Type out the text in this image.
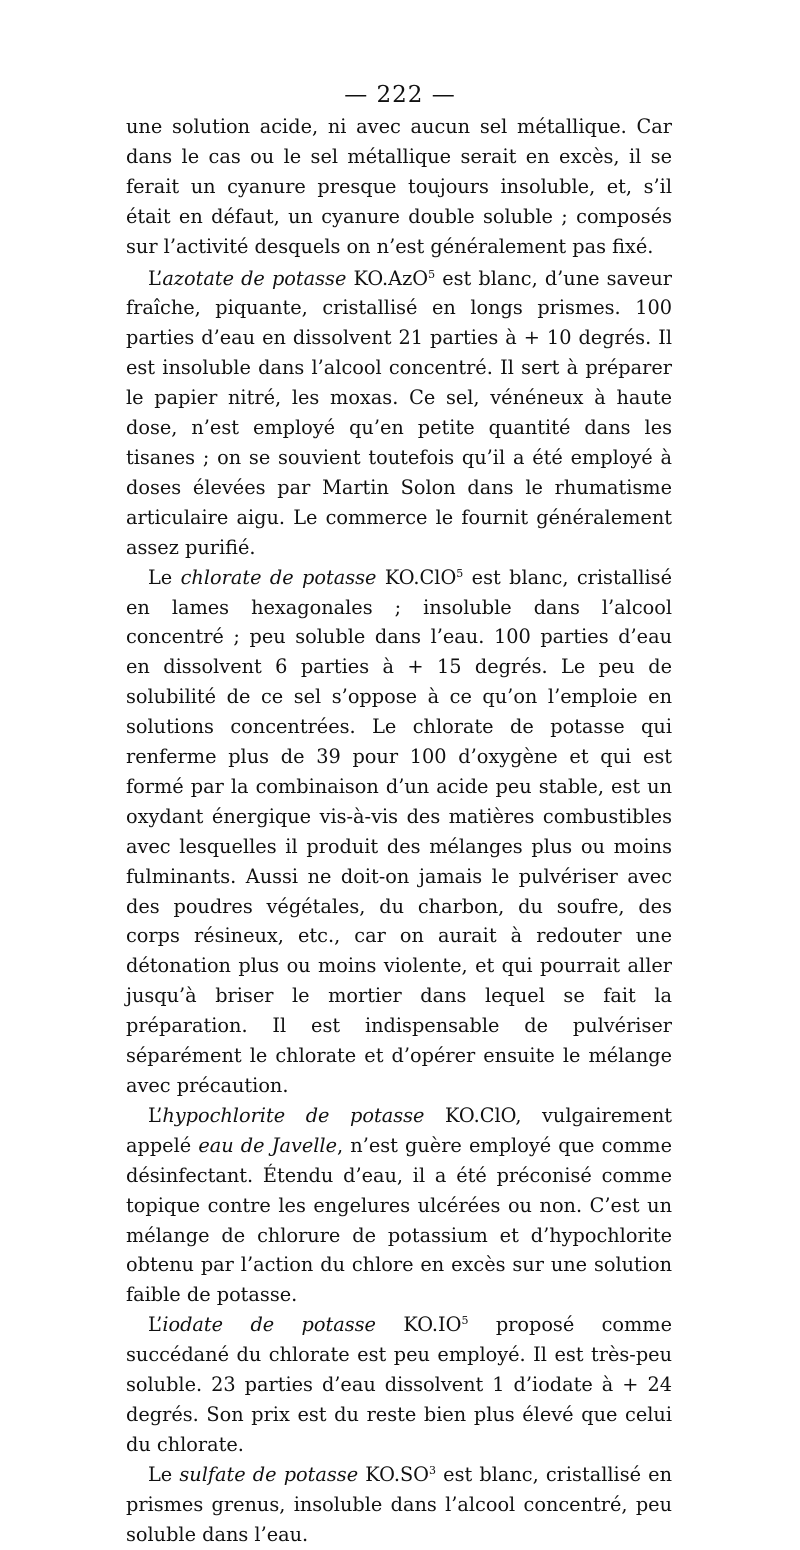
— 222 —

une solution acide, ni avec aucun sel métallique. Car dans le cas ou le sel métallique serait en excès, il se ferait un cyanure presque toujours insoluble, et, s’il était en défaut, un cyanure double soluble ; composés sur l’activité desquels on n’est généralement pas fixé.

L’azotate de potasse KO.AzO$^5$ est blanc, d’une saveur fraîche, piquante, cristallisé en longs prismes. 100 parties d’eau en dissolvent 21 parties à + 10 degrés. Il est insoluble dans l’alcool concentré. Il sert à préparer le papier nitré, les moxas. Ce sel, vénéneux à haute dose, n’est employé qu’en petite quantité dans les tisanes ; on se souvient toutefois qu’il a été employé à doses élevées par Martin Solon dans le rhumatisme articulaire aigu. Le commerce le fournit généralement assez purifié.

Le chlorate de potasse KO.ClO$^5$ est blanc, cristallisé en lames hexagonales ; insoluble dans l’alcool concentré ; peu soluble dans l’eau. 100 parties d’eau en dissolvent 6 parties à + 15 degrés. Le peu de solubilité de ce sel s’oppose à ce qu’on l’emploie en solutions concentrées. Le chlorate de potasse qui renferme plus de 39 pour 100 d’oxygène et qui est formé par la combinaison d’un acide peu stable, est un oxydant énergique vis-à-vis des matières combustibles avec lesquelles il produit des mélanges plus ou moins fulminants. Aussi ne doit-on jamais le pulvériser avec des poudres végétales, du charbon, du soufre, des corps résineux, etc., car on aurait à redouter une détonation plus ou moins violente, et qui pourrait aller jusqu’à briser le mortier dans lequel se fait la préparation. Il est indispensable de pulvériser séparément le chlorate et d’opérer ensuite le mélange avec précaution.

L’hypochlorite de potasse KO.ClO, vulgairement appelé eau de Javelle, n’est guère employé que comme désinfectant. Étendu d’eau, il a été préconisé comme topique contre les engelures ulcérées ou non. C’est un mélange de chlorure de potassium et d’hypochlorite obtenu par l’action du chlore en excès sur une solution faible de potasse.

L’iodate de potasse $KO.IO^5$ proposé comme succédané du chlorate est peu employé. Il est très-peu soluble. 23 parties d’eau dissolvent 1 d’iodate à + 24 degrés. Son prix est du reste bien plus élevé que celui du chlorate.

Le sulfate de potasse $KO.SO^3$ est blanc, cristallisé en prismes grenus, insoluble dans l’alcool concentré, peu soluble dans l’eau.
